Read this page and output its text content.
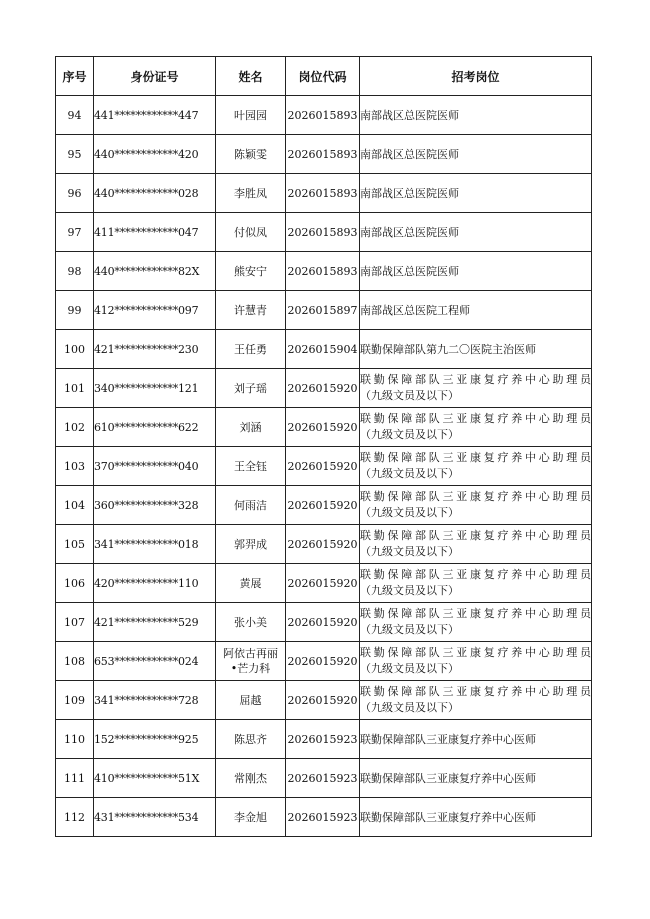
序号	身份证号	姓名	岗位代码	招考岗位
94	441************447	叶园园	2026015893	南部战区总医院医师
95	440************420	陈颖雯	2026015893	南部战区总医院医师
96	440************028	李胜凤	2026015893	南部战区总医院医师
97	411************047	付似凤	2026015893	南部战区总医院医师
98	440************82X	熊安宁	2026015893	南部战区总医院医师
99	412************097	许慧青	2026015897	南部战区总医院工程师
100	421************230	王任勇	2026015904	联勤保障部队第九二〇医院主治医师
101	340************121	刘子瑶	2026015920	联勤保障部队三亚康复疗养中心助理员
（九级文员及以下）

102	610************622	刘涵	2026015920	联勤保障部队三亚康复疗养中心助理员
（九级文员及以下）

103	370************040	王全钰	2026015920	联勤保障部队三亚康复疗养中心助理员
（九级文员及以下）

104	360************328	何雨洁	2026015920	联勤保障部队三亚康复疗养中心助理员
（九级文员及以下）

105	341************018	郭羿成	2026015920	联勤保障部队三亚康复疗养中心助理员
（九级文员及以下）

106	420************110	黄展	2026015920	联勤保障部队三亚康复疗养中心助理员
（九级文员及以下）

107	421************529	张小美	2026015920	联勤保障部队三亚康复疗养中心助理员
（九级文员及以下）

108	653************024	阿依古再丽
•芒力科	2026015920	联勤保障部队三亚康复疗养中心助理员
（九级文员及以下）

109	341************728	屈越	2026015920	联勤保障部队三亚康复疗养中心助理员
（九级文员及以下）

110	152************925	陈思齐	2026015923	联勤保障部队三亚康复疗养中心医师
111	410************51X	常刚杰	2026015923	联勤保障部队三亚康复疗养中心医师
112	431************534	李金旭	2026015923	联勤保障部队三亚康复疗养中心医师
